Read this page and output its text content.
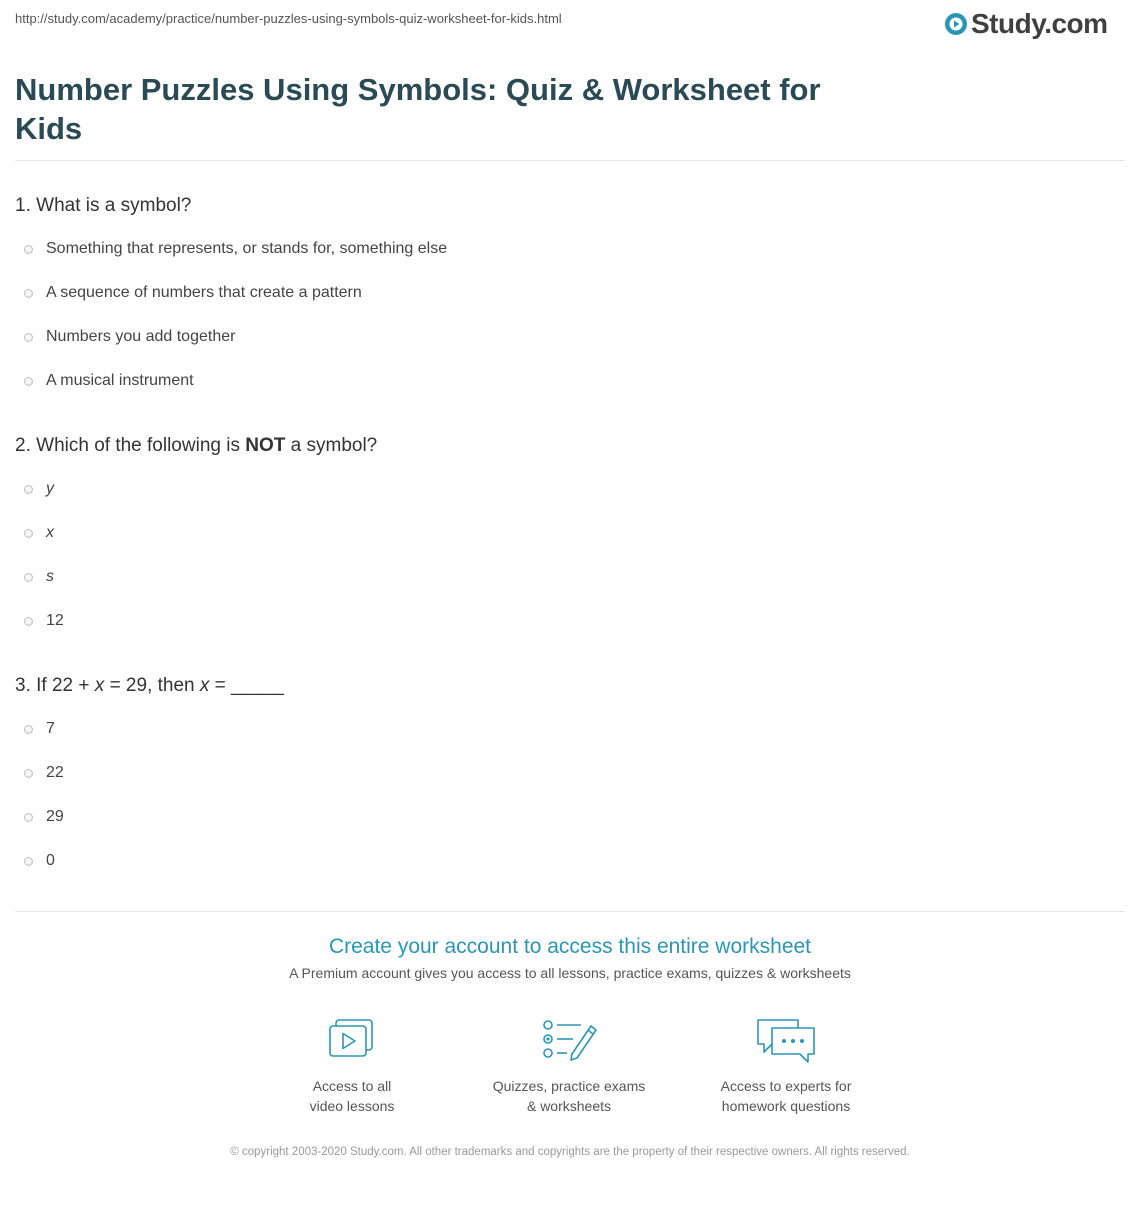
http://study.com/academy/practice/number-puzzles-using-symbols-quiz-worksheet-for-kids.html	Study.com
Number Puzzles Using Symbols: Quiz & Worksheet for Kids
1. What is a symbol?
Something that represents, or stands for, something else
A sequence of numbers that create a pattern
Numbers you add together
A musical instrument
2. Which of the following is NOT a symbol?
y
x
s
12
3. If 22 + x = 29, then x = _____
7
22
29
0
Create your account to access this entire worksheet
A Premium account gives you access to all lessons, practice exams, quizzes & worksheets
Access to all
video lessons
Quizzes, practice exams
& worksheets
Access to experts for
homework questions
© copyright 2003-2020 Study.com. All other trademarks and copyrights are the property of their respective owners. All rights reserved.
